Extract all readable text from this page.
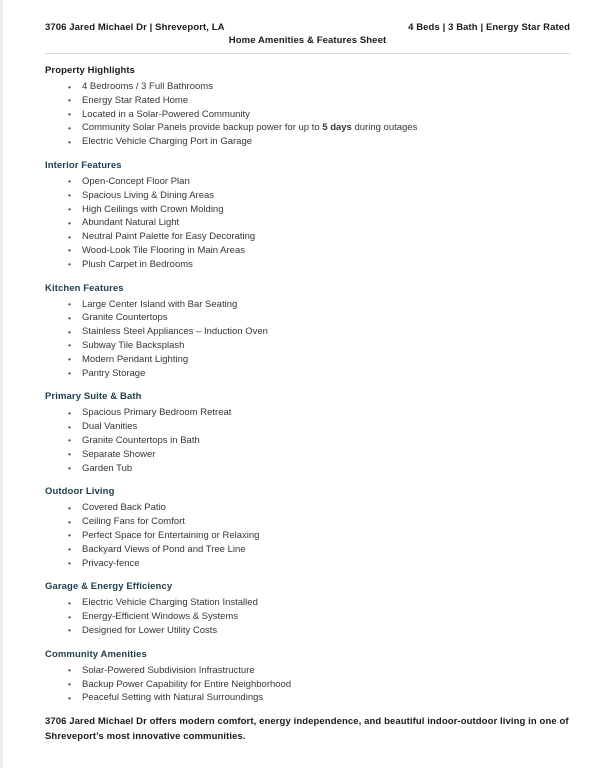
3706 Jared Michael Dr | Shreveport, LA	4 Beds | 3 Bath | Energy Star Rated
Home Amenities & Features Sheet
Property Highlights
• 4 Bedrooms / 3 Full Bathrooms
• Energy Star Rated Home
• Located in a Solar-Powered Community
• Community Solar Panels provide backup power for up to 5 days during outages
• Electric Vehicle Charging Port in Garage
Interior Features
• Open-Concept Floor Plan
• Spacious Living & Dining Areas
• High Ceilings with Crown Molding
• Abundant Natural Light
• Neutral Paint Palette for Easy Decorating
• Wood-Look Tile Flooring in Main Areas
• Plush Carpet in Bedrooms
Kitchen Features
• Large Center Island with Bar Seating
• Granite Countertops
• Stainless Steel Appliances – Induction Oven
• Subway Tile Backsplash
• Modern Pendant Lighting
• Pantry Storage
Primary Suite & Bath
• Spacious Primary Bedroom Retreat
• Dual Vanities
• Granite Countertops in Bath
• Separate Shower
• Garden Tub
Outdoor Living
• Covered Back Patio
• Ceiling Fans for Comfort
• Perfect Space for Entertaining or Relaxing
• Backyard Views of Pond and Tree Line
• Privacy-fence
Garage & Energy Efficiency
• Electric Vehicle Charging Station Installed
• Energy-Efficient Windows & Systems
• Designed for Lower Utility Costs
Community Amenities
• Solar-Powered Subdivision Infrastructure
• Backup Power Capability for Entire Neighborhood
• Peaceful Setting with Natural Surroundings

3706 Jared Michael Dr offers modern comfort, energy independence, and beautiful indoor-outdoor living in one of Shreveport’s most innovative communities.
